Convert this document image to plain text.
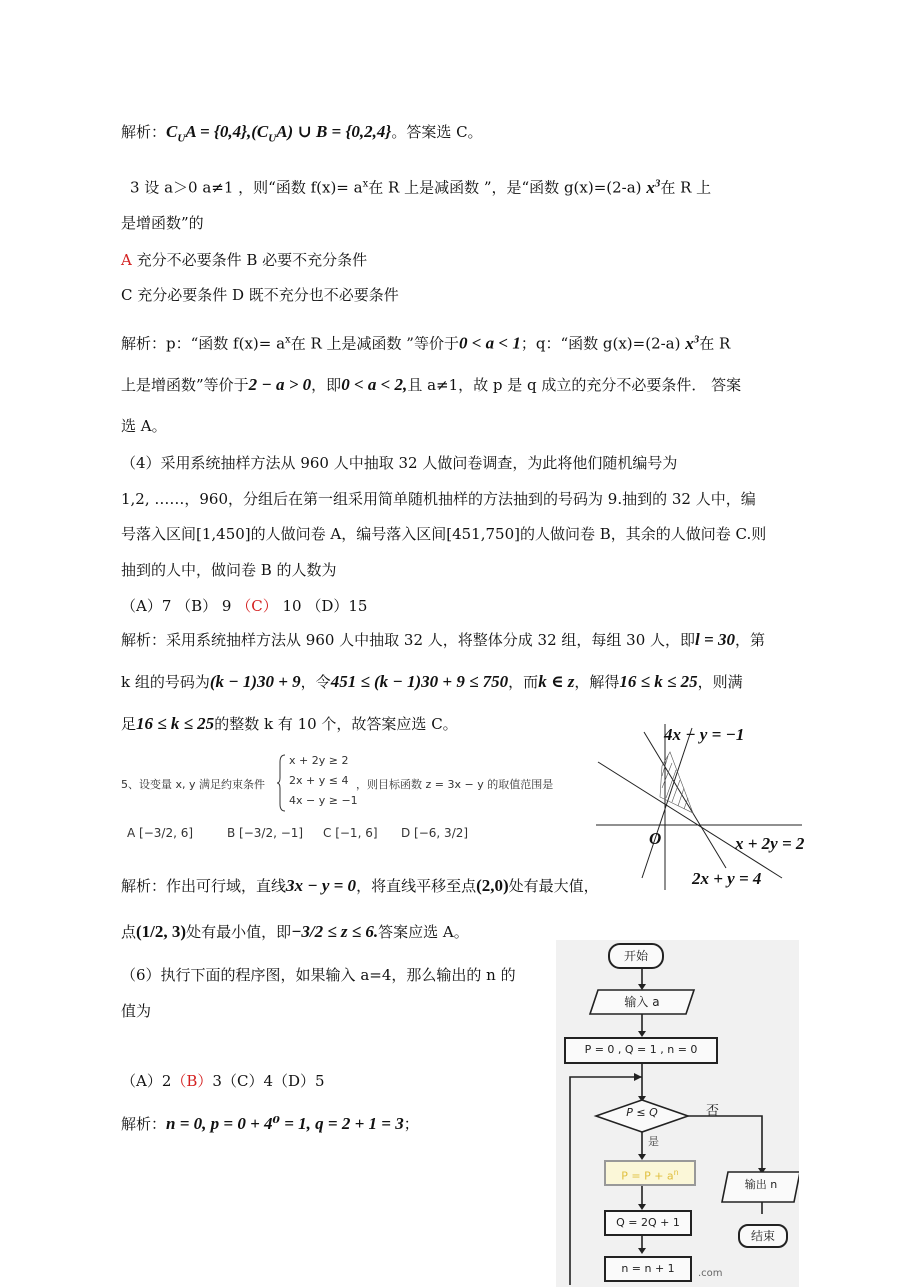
解析：$C_UA = \{0,4\},(C_UA)$ ∪ B = {0,2,4}。答案选 C。
3 设 a＞0 a≠1 ，则“函数 $f(x)= a^x$在 R 上是减函数 ”，是“函数 g(x)=(2-a) $x^3$在 R 上
是增函数”的
A 充分不必要条件 B 必要不充分条件
C 充分必要条件 D 既不充分也不必要条件
解析：p：“函数 $f(x)= a^x$在 R 上是减函数 ”等价于0 < a < 1；q：“函数 g(x)=(2-a) $x^3$在 R
上是增函数”等价于2 − a > 0，即0 < a < 2,且 a≠1，故 p 是 q 成立的充分不必要条件． 答案
选 A。
（4）采用系统抽样方法从 960 人中抽取 32 人做问卷调查，为此将他们随机编号为
1,2, ……，960，分组后在第一组采用简单随机抽样的方法抽到的号码为 9.抽到的 32 人中，编
号落入区间[1,450]的人做问卷 A，编号落入区间[451,750]的人做问卷 B，其余的人做问卷 C.则
抽到的人中，做问卷 B 的人数为
（A）7 （B） 9 （C） 10 （D）15
解析：采用系统抽样方法从 960 人中抽取 32 人，将整体分成 32 组，每组 30 人，即l = 30，第
k 组的号码为(k − 1)30 + 9，令451 ≤ (k − 1)30 + 9 ≤ 750，而k ∈ z，解得16 ≤ k ≤ 25，则满
足16 ≤ k ≤ 25的整数 k 有 10 个，故答案应选 C。
5、设变量 x, y 满足约束条件
x + 2y ≥ 2
2x + y ≤ 4
4x − y ≥ −1
，则目标函数 z = 3x − y 的取值范围是
A [−3/2, 6]	B [−3/2, −1] C [−1, 6] D [−6, 3/2]
4x − y = −1
x + 2y = 2
2x + y = 4
O
解析：作出可行域，直线3x − y = 0，将直线平移至点(2,0)处有最大值，
点(1/2, 3)处有最小值，即−3/2 ≤ z ≤ 6.答案应选 A。
（6）执行下面的程序图，如果输入 a=4，那么输出的 n 的
值为
（A）2（B）3（C）4（D）5
解析：n = 0, p = 0 + 4⁰ = 1, q = 2 + 1 = 3；
开始
输入 a
P = 0 , Q = 1 , n = 0
P ≤ Q	否
是
$P = P + a^n$
Q = 2Q + 1
n = n + 1
输出 n
结束
.com
